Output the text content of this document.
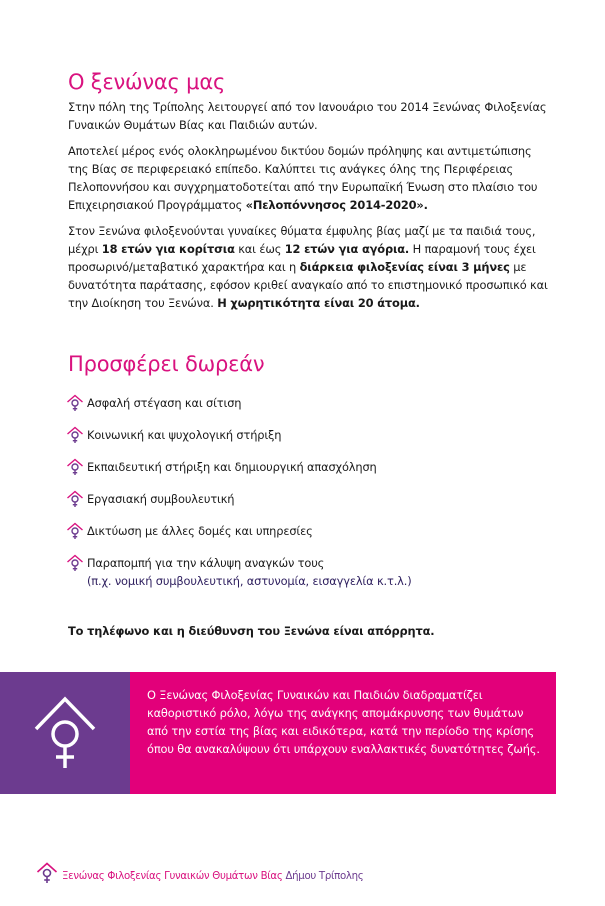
Ο ξενώνας μας

Στην πόλη της Τρίπολης λειτουργεί από τον Ιανουάριο του 2014 Ξενώνας Φιλοξενίας Γυναικών Θυμάτων Βίας και Παιδιών αυτών.

Αποτελεί μέρος ενός ολοκληρωμένου δικτύου δομών πρόληψης και αντιμετώπισης της Βίας σε περιφερειακό επίπεδο. Καλύπτει τις ανάγκες όλης της Περιφέρειας Πελοποννήσου και συγχρηματοδοτείται από την Ευρωπαϊκή Ένωση στο πλαίσιο του Επιχειρησιακού Προγράμματος «Πελοπόννησος 2014-2020».

Στον Ξενώνα φιλοξενούνται γυναίκες θύματα έμφυλης βίας μαζί με τα παιδιά τους, μέχρι 18 ετών για κορίτσια και έως 12 ετών για αγόρια. Η παραμονή τους έχει προσωρινό/μεταβατικό χαρακτήρα και η διάρκεια φιλοξενίας είναι 3 μήνες με δυνατότητα παράτασης, εφόσον κριθεί αναγκαίο από το επιστημονικό προσωπικό και την Διοίκηση του Ξενώνα. Η χωρητικότητα είναι 20 άτομα.

Προσφέρει δωρεάν
Ασφαλή στέγαση και σίτιση
Κοινωνική και ψυχολογική στήριξη
Εκπαιδευτική στήριξη και δημιουργική απασχόληση
Εργασιακή συμβουλευτική
Δικτύωση με άλλες δομές και υπηρεσίες
Παραπομπή για την κάλυψη αναγκών τους
(π.χ. νομική συμβουλευτική, αστυνομία, εισαγγελία κ.τ.λ.)

Το τηλέφωνο και η διεύθυνση του Ξενώνα είναι απόρρητα.

Ο Ξενώνας Φιλοξενίας Γυναικών και Παιδιών διαδραματίζει καθοριστικό ρόλο, λόγω της ανάγκης απομάκρυνσης των θυμάτων από την εστία της βίας και ειδικότερα, κατά την περίοδο της κρίσης όπου θα ανακαλύψουν ότι υπάρχουν εναλλακτικές δυνατότητες ζωής.
Ξενώνας Φιλοξενίας Γυναικών Θυμάτων Βίας Δήμου Τρίπολης
